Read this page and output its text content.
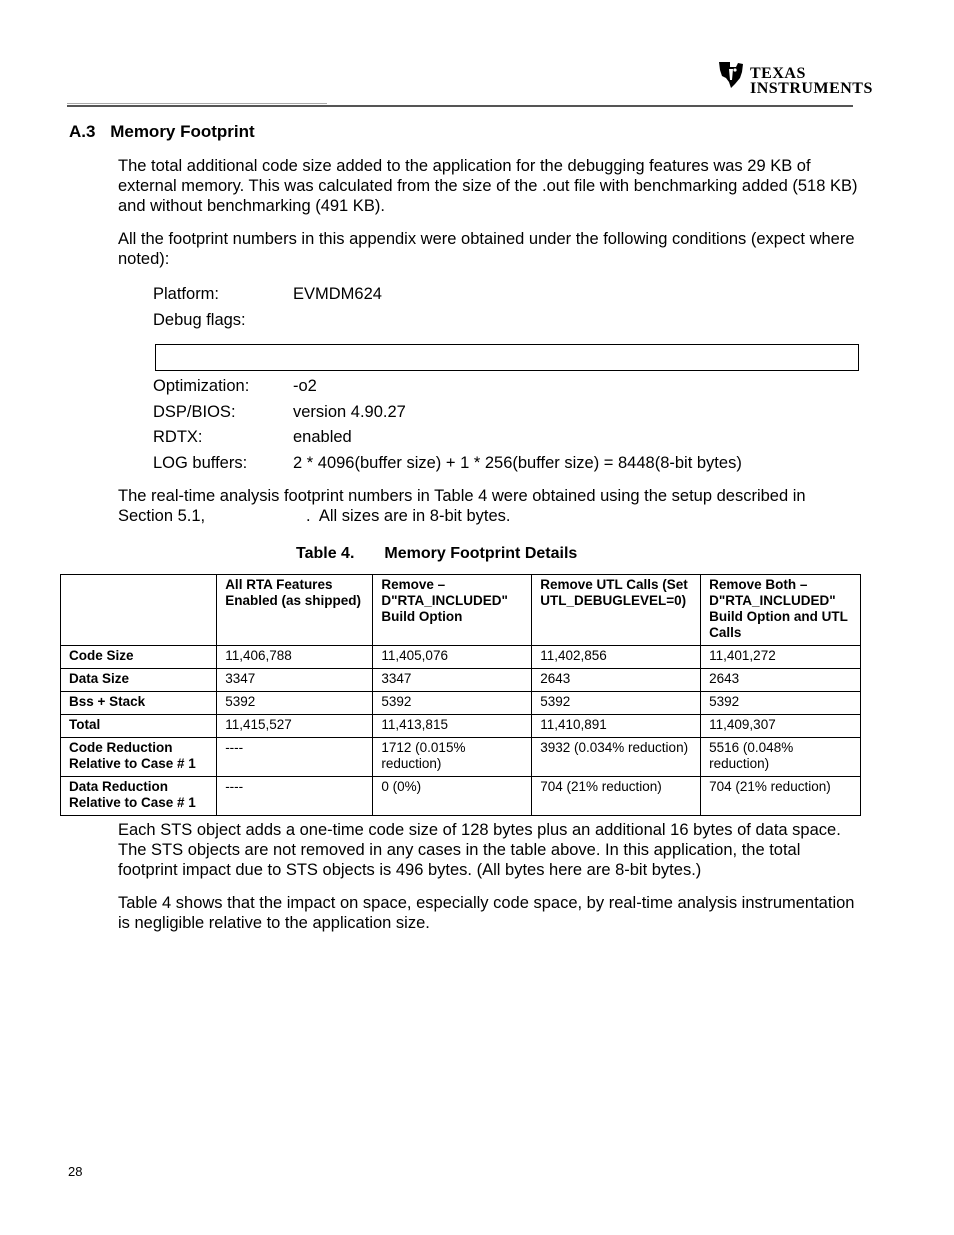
TEXAS
INSTRUMENTS
A.3 Memory Footprint
The total additional code size added to the application for the debugging features was 29 KB of external memory. This was calculated from the size of the .out file with benchmarking added (518 KB) and without benchmarking (491 KB).
All the footprint numbers in this appendix were obtained under the following conditions (expect where noted):
Platform:	EVMDM624
Debug flags:
Optimization:	-o2
DSP/BIOS:	version 4.90.27
RDTX:	enabled
LOG buffers:	2 * 4096(buffer size) + 1 * 256(buffer size) = 8448(8-bit bytes)
The real-time analysis footprint numbers in Table 4 were obtained using the setup described in Section 5.1,                      .  All sizes are in 8-bit bytes.
Table 4. Memory Footprint Details
	All RTA Features Enabled (as shipped)	Remove –D"RTA_INCLUDED" Build Option	Remove UTL Calls (Set UTL_DEBUGLEVEL=0)	Remove Both –D"RTA_INCLUDED" Build Option and UTL Calls
Code Size	11,406,788	11,405,076	11,402,856	11,401,272
Data Size	3347	3347	2643	2643
Bss + Stack	5392	5392	5392	5392
Total	11,415,527	11,413,815	11,410,891	11,409,307
Code Reduction Relative to Case # 1	----	1712 (0.015% reduction)	3932 (0.034% reduction)	5516 (0.048% reduction)
Data Reduction Relative to Case # 1	----	0 (0%)	704 (21% reduction)	704 (21% reduction)
Each STS object adds a one-time code size of 128 bytes plus an additional 16 bytes of data space. The STS objects are not removed in any cases in the table above. In this application, the total footprint impact due to STS objects is 496 bytes. (All bytes here are 8-bit bytes.)
Table 4 shows that the impact on space, especially code space, by real-time analysis instrumentation is negligible relative to the application size.
28
